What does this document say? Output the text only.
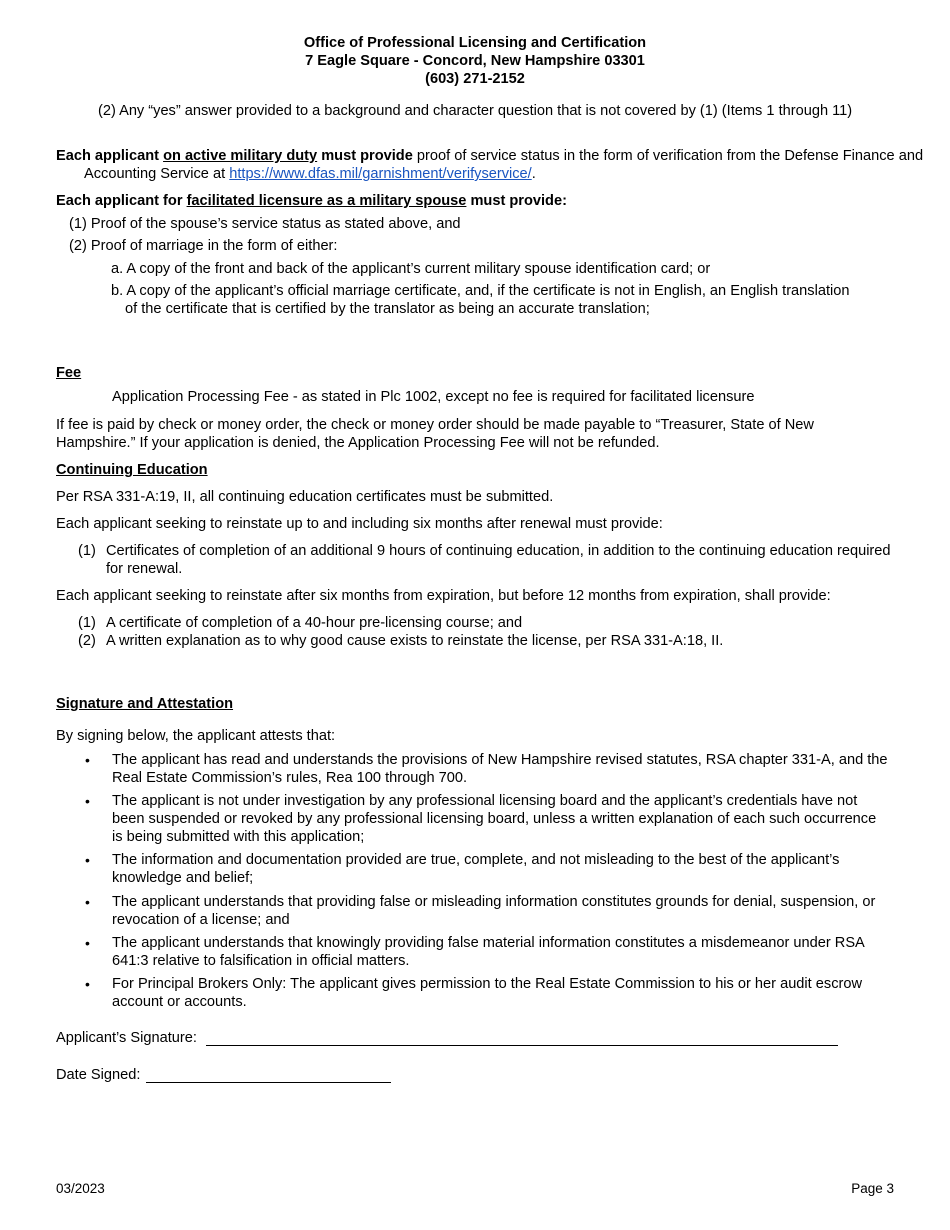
Office of Professional Licensing and Certification
7 Eagle Square - Concord, New Hampshire 03301
(603) 271-2152
(2) Any “yes” answer provided to a background and character question that is not covered by (1) (Items 1 through 11)
Each applicant on active military duty must provide proof of service status in the form of verification from the Defense Finance and Accounting Service at https://www.dfas.mil/garnishment/verifyservice/.
Each applicant for facilitated licensure as a military spouse must provide:
(1) Proof of the spouse’s service status as stated above, and
(2) Proof of marriage in the form of either:
a. A copy of the front and back of the applicant’s current military spouse identification card; or
b. A copy of the applicant’s official marriage certificate, and, if the certificate is not in English, an English translation of the certificate that is certified by the translator as being an accurate translation;
Fee
Application Processing Fee - as stated in Plc 1002, except no fee is required for facilitated licensure
If fee is paid by check or money order, the check or money order should be made payable to “Treasurer, State of New Hampshire.” If your application is denied, the Application Processing Fee will not be refunded.
Continuing Education
Per RSA 331-A:19, II, all continuing education certificates must be submitted.
Each applicant seeking to reinstate up to and including six months after renewal must provide:
(1) Certificates of completion of an additional 9 hours of continuing education, in addition to the continuing education required for renewal.
Each applicant seeking to reinstate after six months from expiration, but before 12 months from expiration, shall provide:
(1) A certificate of completion of a 40-hour pre-licensing course; and
(2) A written explanation as to why good cause exists to reinstate the license, per RSA 331-A:18, II.
Signature and Attestation
By signing below, the applicant attests that:
• The applicant has read and understands the provisions of New Hampshire revised statutes, RSA chapter 331-A, and the Real Estate Commission’s rules, Rea 100 through 700.
• The applicant is not under investigation by any professional licensing board and the applicant’s credentials have not been suspended or revoked by any professional licensing board, unless a written explanation of each such occurrence is being submitted with this application;
• The information and documentation provided are true, complete, and not misleading to the best of the applicant’s knowledge and belief;
• The applicant understands that providing false or misleading information constitutes grounds for denial, suspension, or revocation of a license; and
• The applicant understands that knowingly providing false material information constitutes a misdemeanor under RSA 641:3 relative to falsification in official matters.
• For Principal Brokers Only: The applicant gives permission to the Real Estate Commission to his or her audit escrow account or accounts.
Applicant’s Signature:
Date Signed:
03/2023	Page 3
